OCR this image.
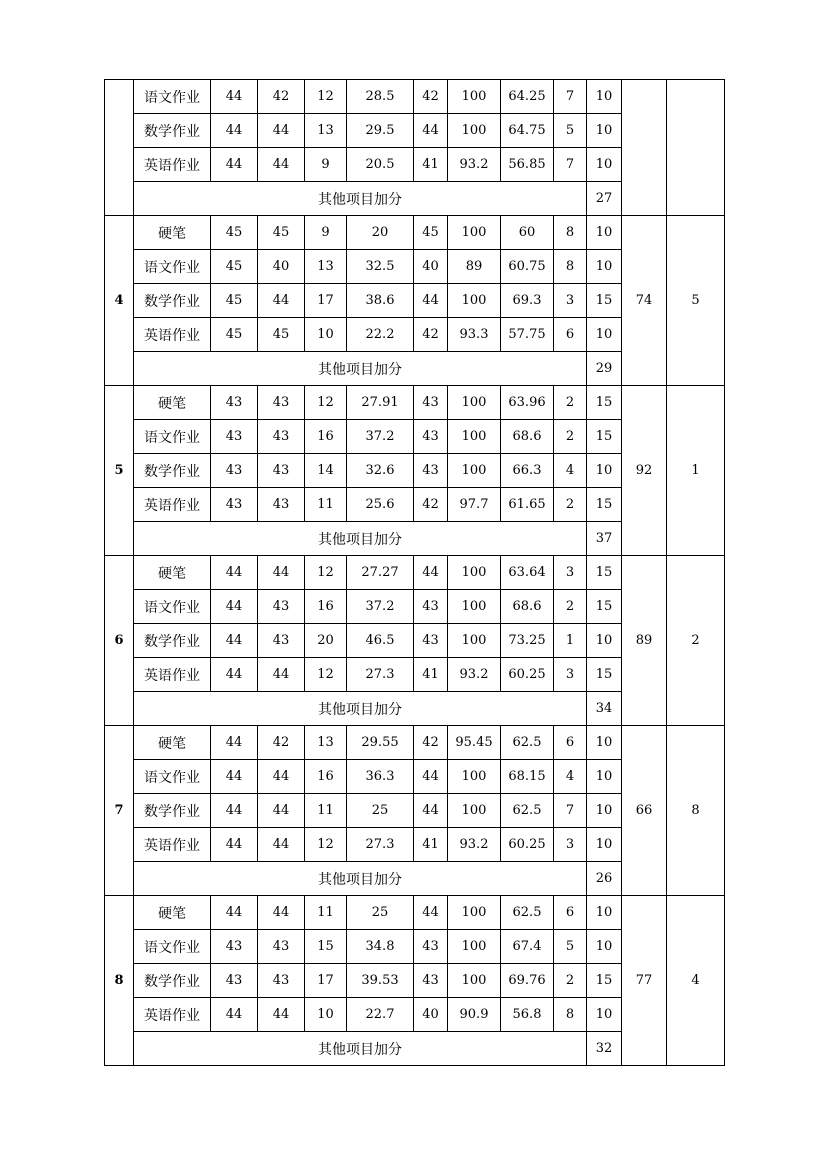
	语文作业	44	42	12	28.5	42	100	64.25	7	10		
	数学作业	44	44	13	29.5	44	100	64.75	5	10		
	英语作业	44	44	9	20.5	41	93.2	56.85	7	10		
	其他项目加分									27		
4	硬笔	45	45	9	20	45	100	60	8	10	74	5
	语文作业	45	40	13	32.5	40	89	60.75	8	10		
	数学作业	45	44	17	38.6	44	100	69.3	3	15		
	英语作业	45	45	10	22.2	42	93.3	57.75	6	10		
	其他项目加分									29		
5	硬笔	43	43	12	27.91	43	100	63.96	2	15	92	1
	语文作业	43	43	16	37.2	43	100	68.6	2	15		
	数学作业	43	43	14	32.6	43	100	66.3	4	10		
	英语作业	43	43	11	25.6	42	97.7	61.65	2	15		
	其他项目加分									37		
6	硬笔	44	44	12	27.27	44	100	63.64	3	15	89	2
	语文作业	44	43	16	37.2	43	100	68.6	2	15		
	数学作业	44	43	20	46.5	43	100	73.25	1	10		
	英语作业	44	44	12	27.3	41	93.2	60.25	3	15		
	其他项目加分									34		
7	硬笔	44	42	13	29.55	42	95.45	62.5	6	10	66	8
	语文作业	44	44	16	36.3	44	100	68.15	4	10		
	数学作业	44	44	11	25	44	100	62.5	7	10		
	英语作业	44	44	12	27.3	41	93.2	60.25	3	10		
	其他项目加分									26		
8	硬笔	44	44	11	25	44	100	62.5	6	10	77	4
	语文作业	43	43	15	34.8	43	100	67.4	5	10		
	数学作业	43	43	17	39.53	43	100	69.76	2	15		
	英语作业	44	44	10	22.7	40	90.9	56.8	8	10		
	其他项目加分									32		
